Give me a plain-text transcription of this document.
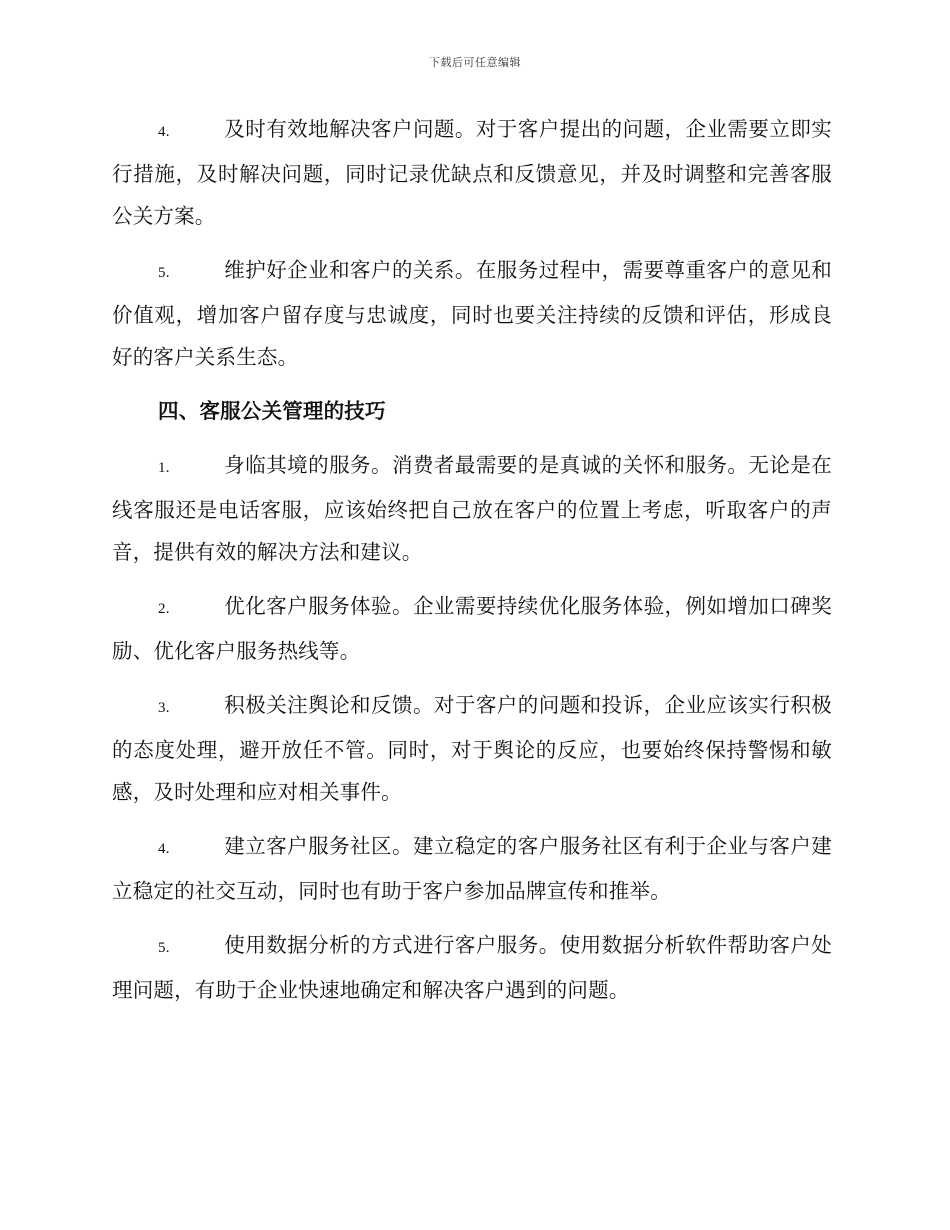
下载后可任意编辑

4.	及时有效地解决客户问题。对于客户提出的问题，企业需要立即实行措施，及时解决问题，同时记录优缺点和反馈意见，并及时调整和完善客服公关方案。

5.	维护好企业和客户的关系。在服务过程中，需要尊重客户的意见和价值观，增加客户留存度与忠诚度，同时也要关注持续的反馈和评估，形成良好的客户关系生态。

四、客服公关管理的技巧

1.	身临其境的服务。消费者最需要的是真诚的关怀和服务。无论是在线客服还是电话客服，应该始终把自己放在客户的位置上考虑，听取客户的声音，提供有效的解决方法和建议。

2.	优化客户服务体验。企业需要持续优化服务体验，例如增加口碑奖励、优化客户服务热线等。

3.	积极关注舆论和反馈。对于客户的问题和投诉，企业应该实行积极的态度处理，避开放任不管。同时，对于舆论的反应，也要始终保持警惕和敏感，及时处理和应对相关事件。

4.	建立客户服务社区。建立稳定的客户服务社区有利于企业与客户建立稳定的社交互动，同时也有助于客户参加品牌宣传和推举。

5.	使用数据分析的方式进行客户服务。使用数据分析软件帮助客户处理问题，有助于企业快速地确定和解决客户遇到的问题。
